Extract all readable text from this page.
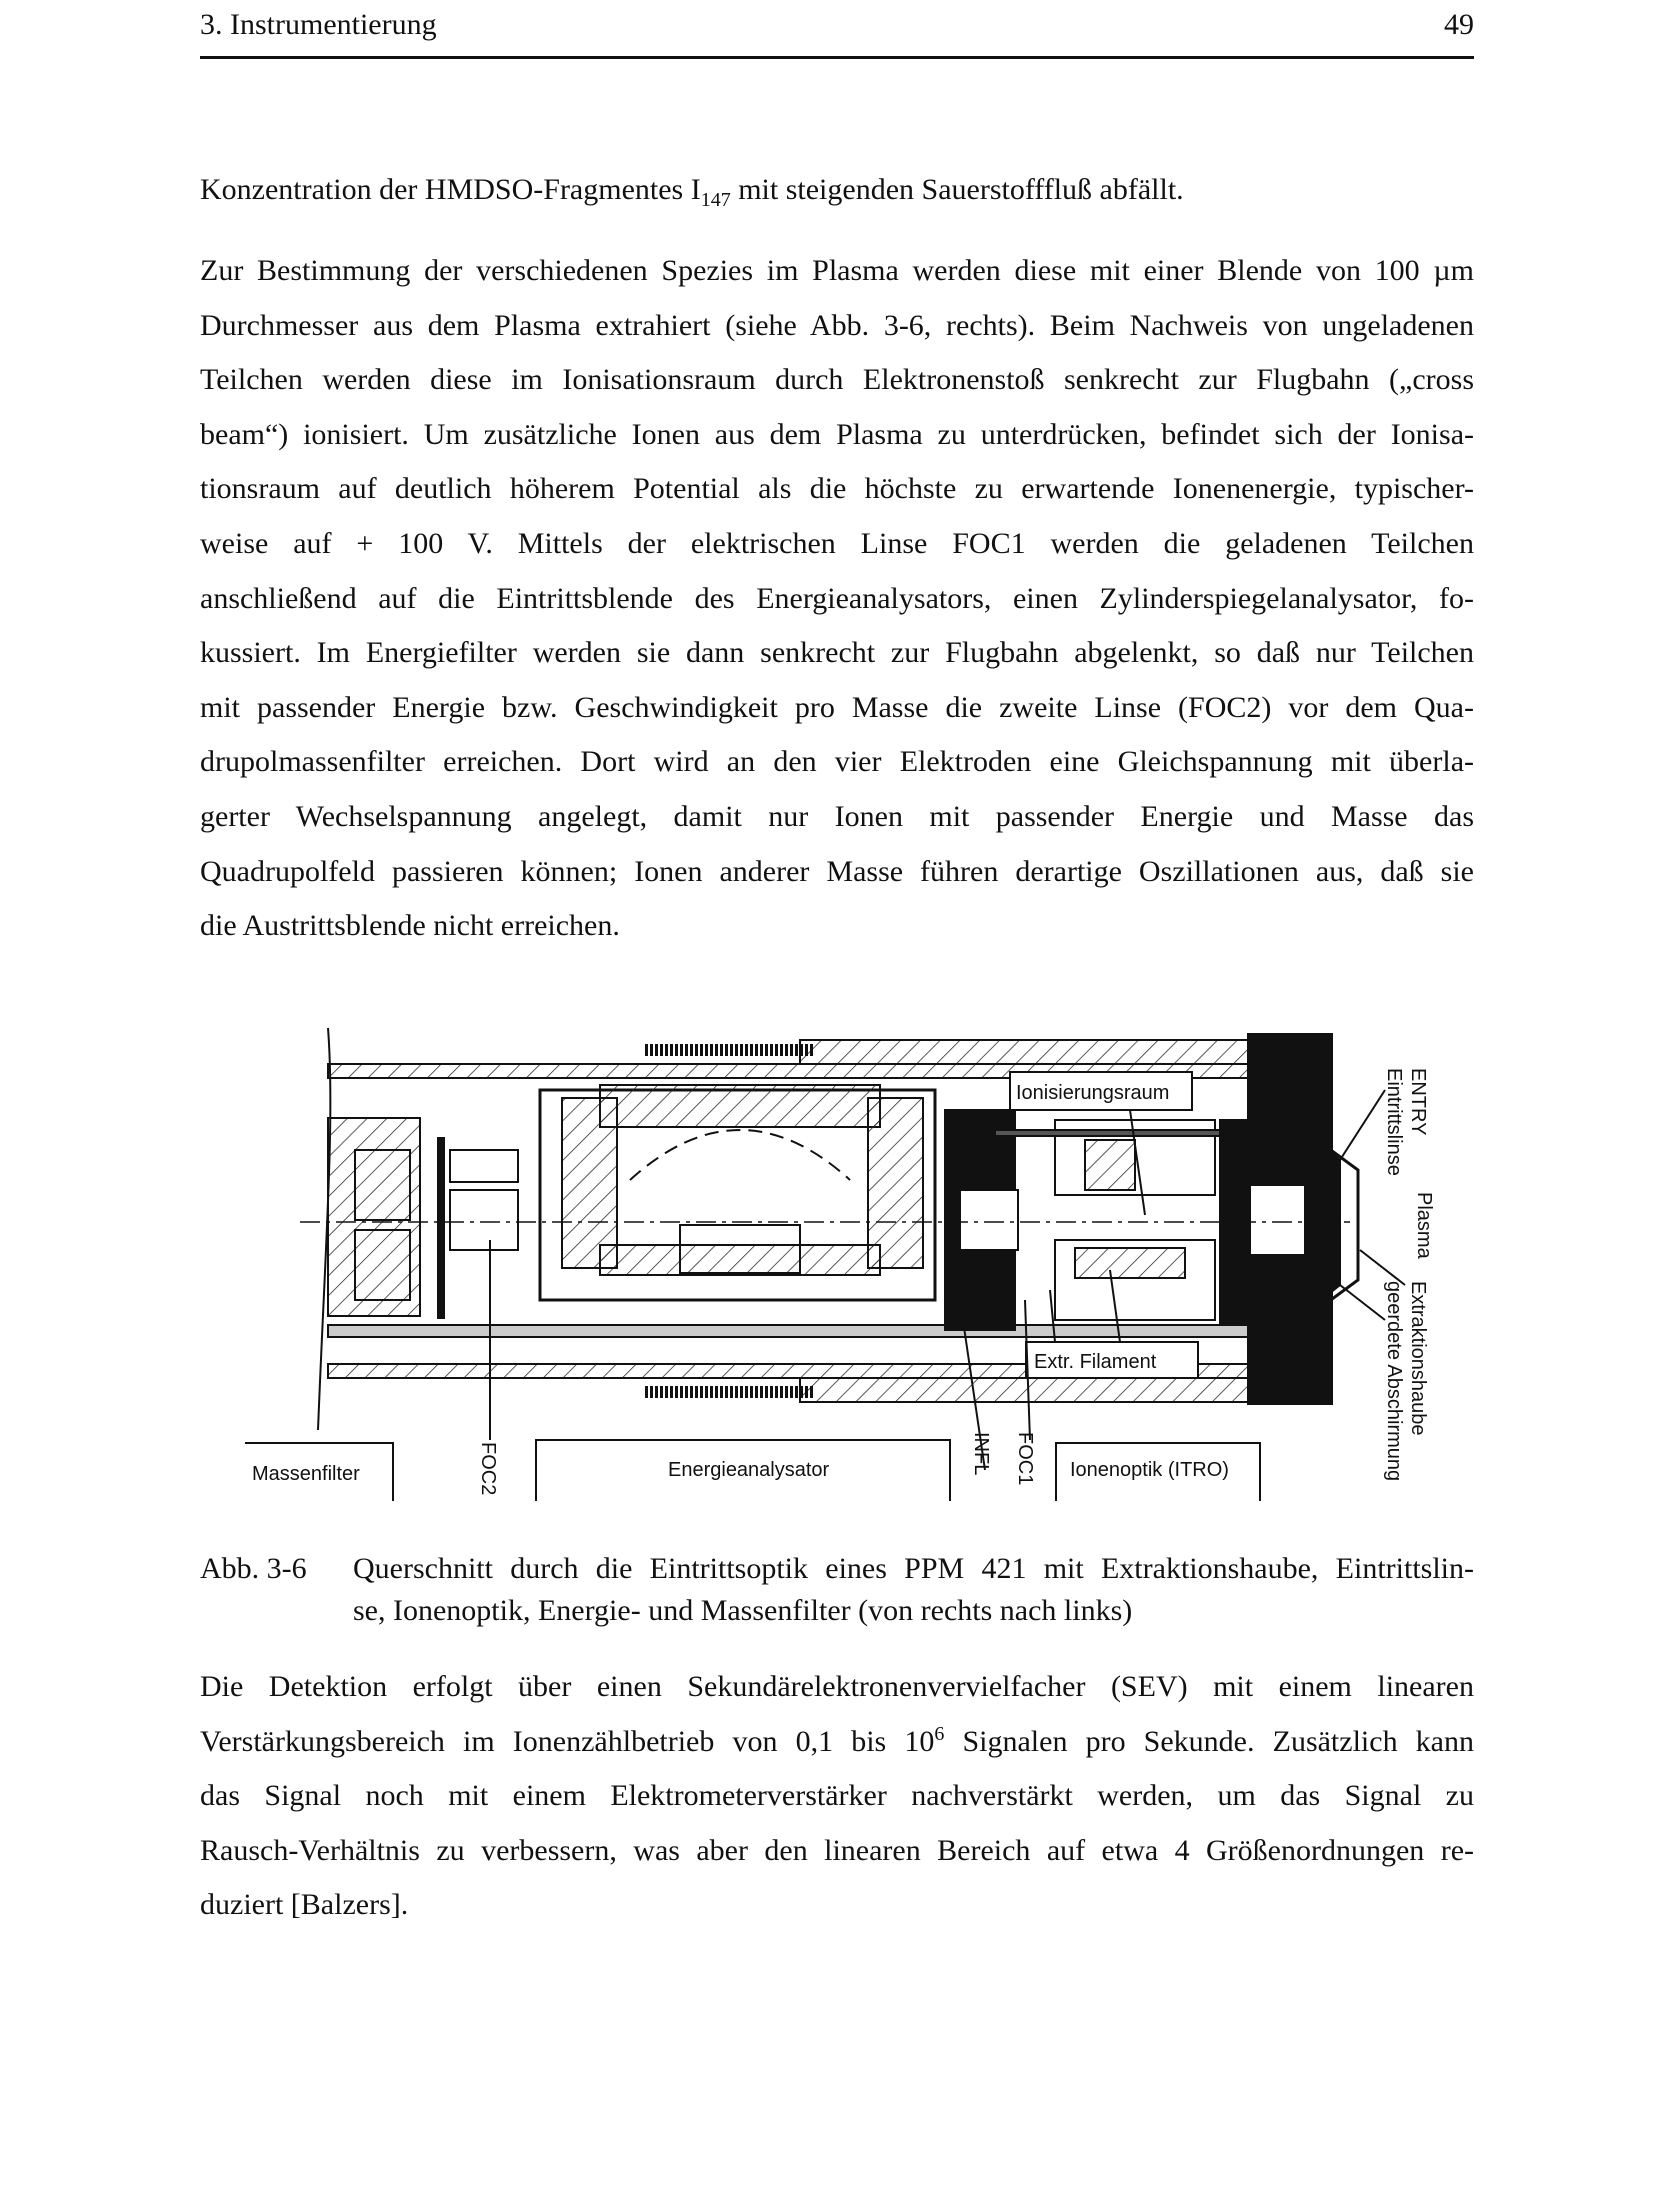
3. Instrumentierung	49
Konzentration der HMDSO-Fragmentes $I_{147}$ mit steigenden Sauerstofffluß abfällt.
Zur Bestimmung der verschiedenen Spezies im Plasma werden diese mit einer Blende von 100 µm
Durchmesser aus dem Plasma extrahiert (siehe Abb. 3-6, rechts). Beim Nachweis von ungeladenen
Teilchen werden diese im Ionisationsraum durch Elektronenstoß senkrecht zur Flugbahn („cross
beam“) ionisiert. Um zusätzliche Ionen aus dem Plasma zu unterdrücken, befindet sich der Ionisa-
tionsraum auf deutlich höherem Potential als die höchste zu erwartende Ionenenergie, typischer-
weise auf + 100 V. Mittels der elektrischen Linse FOC1 werden die geladenen Teilchen
anschließend auf die Eintrittsblende des Energieanalysators, einen Zylinderspiegelanalysator, fo-
kussiert. Im Energiefilter werden sie dann senkrecht zur Flugbahn abgelenkt, so daß nur Teilchen
mit passender Energie bzw. Geschwindigkeit pro Masse die zweite Linse (FOC2) vor dem Qua-
drupolmassenfilter erreichen. Dort wird an den vier Elektroden eine Gleichspannung mit überla-
gerter Wechselspannung angelegt, damit nur Ionen mit passender Energie und Masse das
Quadrupolfeld passieren können; Ionen anderer Masse führen derartige Oszillationen aus, daß sie
die Austrittsblende nicht erreichen.
Ionisierungsraum
Extr. Filament
Massenfilter	Energieanalysator	Ionenoptik (ITRO)
FOC2	INFL FOC1
ENTRY
Eintrittslinse
Plasma
Extraktionshaube
geerdete Abschirmung
Abb. 3-6 Querschnitt durch die Eintrittsoptik eines PPM 421 mit Extraktionshaube, Eintrittslin-
se, Ionenoptik, Energie- und Massenfilter (von rechts nach links)
Die Detektion erfolgt über einen Sekundärelektronenvervielfacher (SEV) mit einem linearen
Verstärkungsbereich im Ionenzählbetrieb von 0,1 bis $10^6$ Signalen pro Sekunde. Zusätzlich kann
das Signal noch mit einem Elektrometerverstärker nachverstärkt werden, um das Signal zu
Rausch-Verhältnis zu verbessern, was aber den linearen Bereich auf etwa 4 Größenordnungen re-
duziert [Balzers].
